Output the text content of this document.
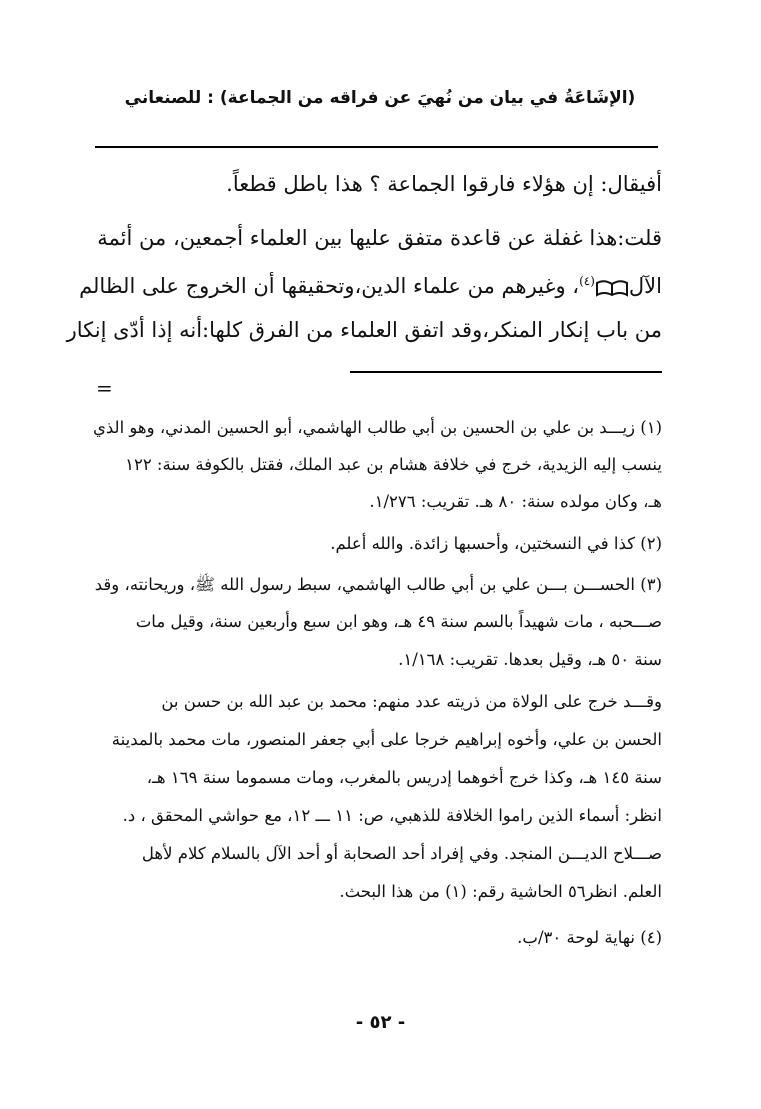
(الإشَاعَةُ في بيان من نُهيَ عن فراقه من الجماعة) : للصنعاني
أفيقال: إن هؤلاء فارقوا الجماعة ؟ هذا باطل قطعاً.
قلت:هذا غفلة عن قاعدة متفق عليها بين العلماء أجمعين، من أئمة
الآل$^{(٤)}$، وغيرهم من علماء الدين،وتحقيقها أن الخروج على الظالم
من باب إنكار المنكر،وقد اتفق العلماء من الفرق كلها:أنه إذا أدّى إنكار
=
(١) زيـــد بن علي بن الحسين بن أبي طالب الهاشمي، أبو الحسين المدني، وهو الذي
ينسب إليه الزيدية، خرج في خلافة هشام بن عبد الملك، فقتل بالكوفة سنة: ١٢٢
هـ، وكان مولده سنة: ٨٠ هـ. تقريب: ١/٢٧٦.
(٢) كذا في النسختين، وأحسبها زائدة. والله أعلم.
(٣) الحســـن بـــن علي بن أبي طالب الهاشمي، سبط رسول الله ﷺ، وريحانته، وقد
صـــحبه ، مات شهيداً بالسم سنة ٤٩ هـ، وهو ابن سبع وأربعين سنة، وقيل مات
سنة ٥٠ هـ، وقيل بعدها. تقريب: ١/١٦٨.
وقـــد خرج على الولاة من ذريته عدد منهم: محمد بن عبد الله بن حسن بن
الحسن بن علي، وأخوه إبراهيم خرجا على أبي جعفر المنصور، مات محمد بالمدينة
سنة ١٤٥ هـ، وكذا خرج أخوهما إدريس بالمغرب، ومات مسموما سنة ١٦٩ هـ،
انظر: أسماء الذين راموا الخلافة للذهبي، ص: ١١ ـــ ١٢، مع حواشي المحقق ، د.
صـــلاح الديـــن المنجد. وفي إفراد أحد الصحابة أو أحد الآل بالسلام كلام لأهل
العلم. انظر٥٦ الحاشية رقم: (١) من هذا البحث.
(٤) نهاية لوحة ٣٠/ب.
- ٥٢ -
